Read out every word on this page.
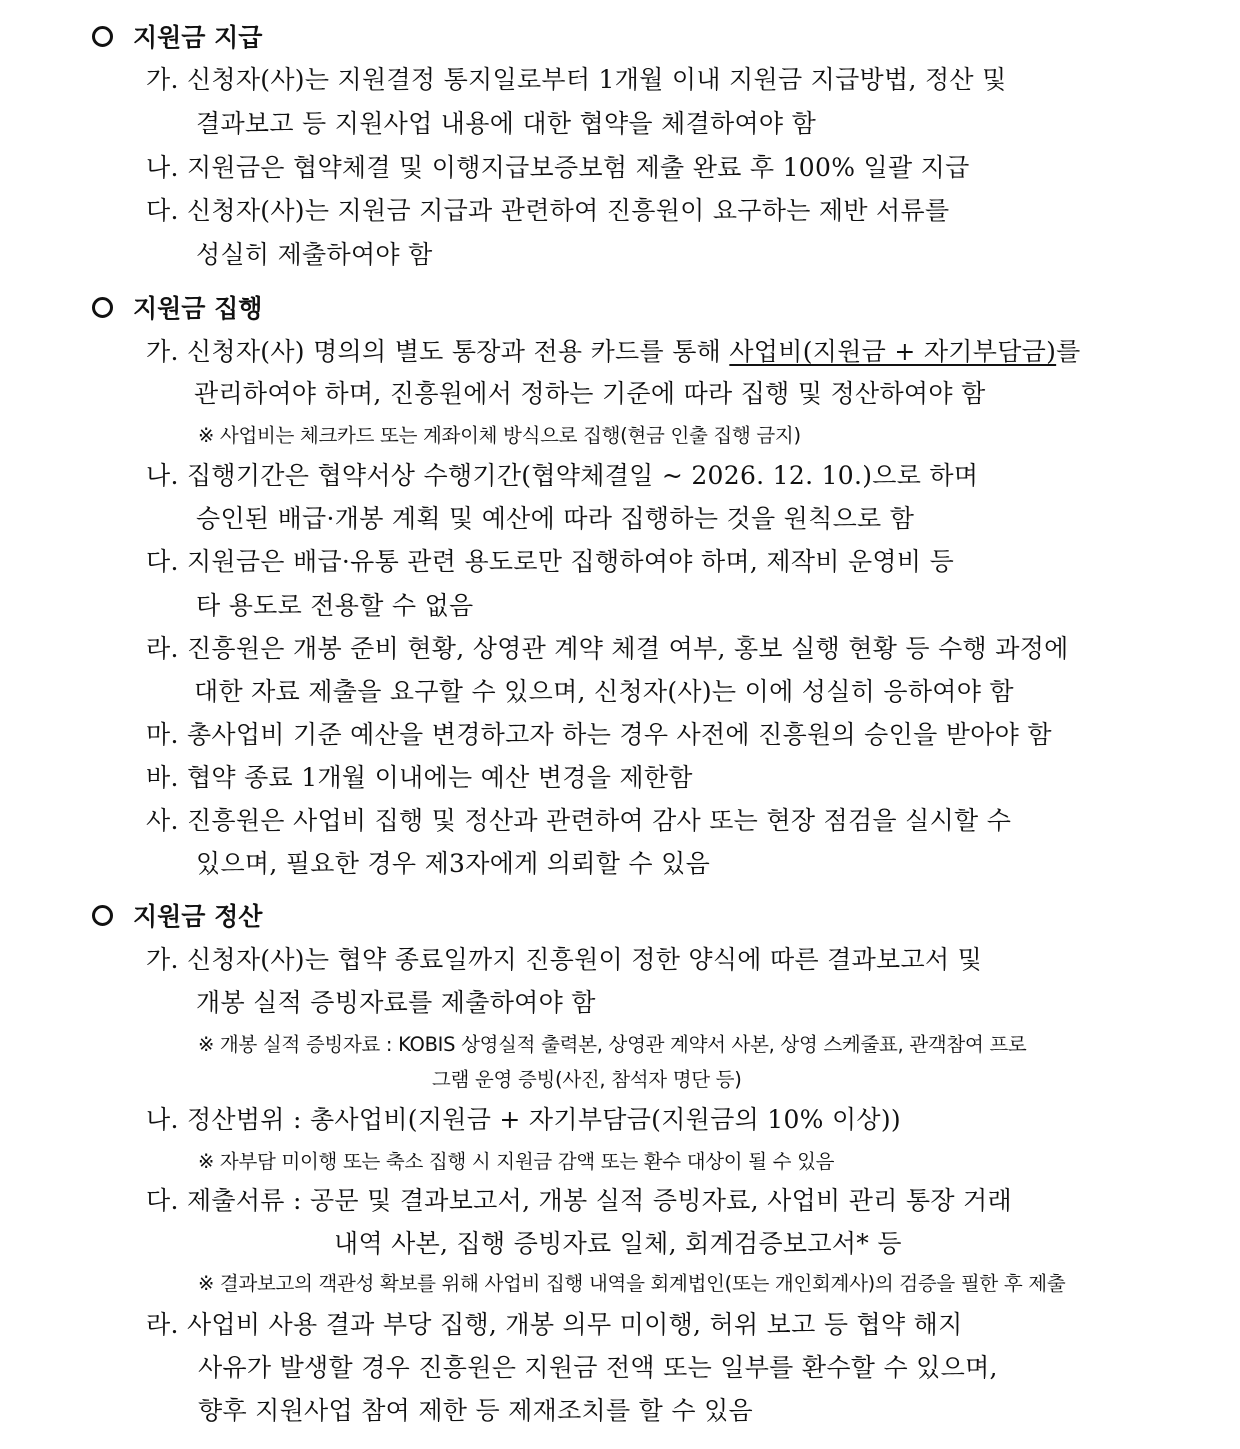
지원금 지급
가. 신청자(사)는 지원결정 통지일로부터 1개월 이내 지원금 지급방법, 정산 및
결과보고 등 지원사업 내용에 대한 협약을 체결하여야 함
나. 지원금은 협약체결 및 이행지급보증보험 제출 완료 후 100% 일괄 지급
다. 신청자(사)는 지원금 지급과 관련하여 진흥원이 요구하는 제반 서류를
성실히 제출하여야 함
지원금 집행
가. 신청자(사) 명의의 별도 통장과 전용 카드를 통해 사업비(지원금 + 자기부담금)를
관리하여야 하며, 진흥원에서 정하는 기준에 따라 집행 및 정산하여야 함
※ 사업비는 체크카드 또는 계좌이체 방식으로 집행(현금 인출 집행 금지)
나. 집행기간은 협약서상 수행기간(협약체결일 ~ 2026. 12. 10.)으로 하며
승인된 배급·개봉 계획 및 예산에 따라 집행하는 것을 원칙으로 함
다. 지원금은 배급·유통 관련 용도로만 집행하여야 하며, 제작비 운영비 등
타 용도로 전용할 수 없음
라. 진흥원은 개봉 준비 현황, 상영관 계약 체결 여부, 홍보 실행 현황 등 수행 과정에
대한 자료 제출을 요구할 수 있으며, 신청자(사)는 이에 성실히 응하여야 함
마. 총사업비 기준 예산을 변경하고자 하는 경우 사전에 진흥원의 승인을 받아야 함
바. 협약 종료 1개월 이내에는 예산 변경을 제한함
사. 진흥원은 사업비 집행 및 정산과 관련하여 감사 또는 현장 점검을 실시할 수
있으며, 필요한 경우 제3자에게 의뢰할 수 있음
지원금 정산
가. 신청자(사)는 협약 종료일까지 진흥원이 정한 양식에 따른 결과보고서 및
개봉 실적 증빙자료를 제출하여야 함
※ 개봉 실적 증빙자료 : KOBIS 상영실적 출력본, 상영관 계약서 사본, 상영 스케줄표, 관객참여 프로
그램 운영 증빙(사진, 참석자 명단 등)
나. 정산범위 : 총사업비(지원금 + 자기부담금(지원금의 10% 이상))
※ 자부담 미이행 또는 축소 집행 시 지원금 감액 또는 환수 대상이 될 수 있음
다. 제출서류 : 공문 및 결과보고서, 개봉 실적 증빙자료, 사업비 관리 통장 거래
내역 사본, 집행 증빙자료 일체, 회계검증보고서* 등
※ 결과보고의 객관성 확보를 위해 사업비 집행 내역을 회계법인(또는 개인회계사)의 검증을 필한 후 제출
라. 사업비 사용 결과 부당 집행, 개봉 의무 미이행, 허위 보고 등 협약 해지
사유가 발생할 경우 진흥원은 지원금 전액 또는 일부를 환수할 수 있으며,
향후 지원사업 참여 제한 등 제재조치를 할 수 있음
